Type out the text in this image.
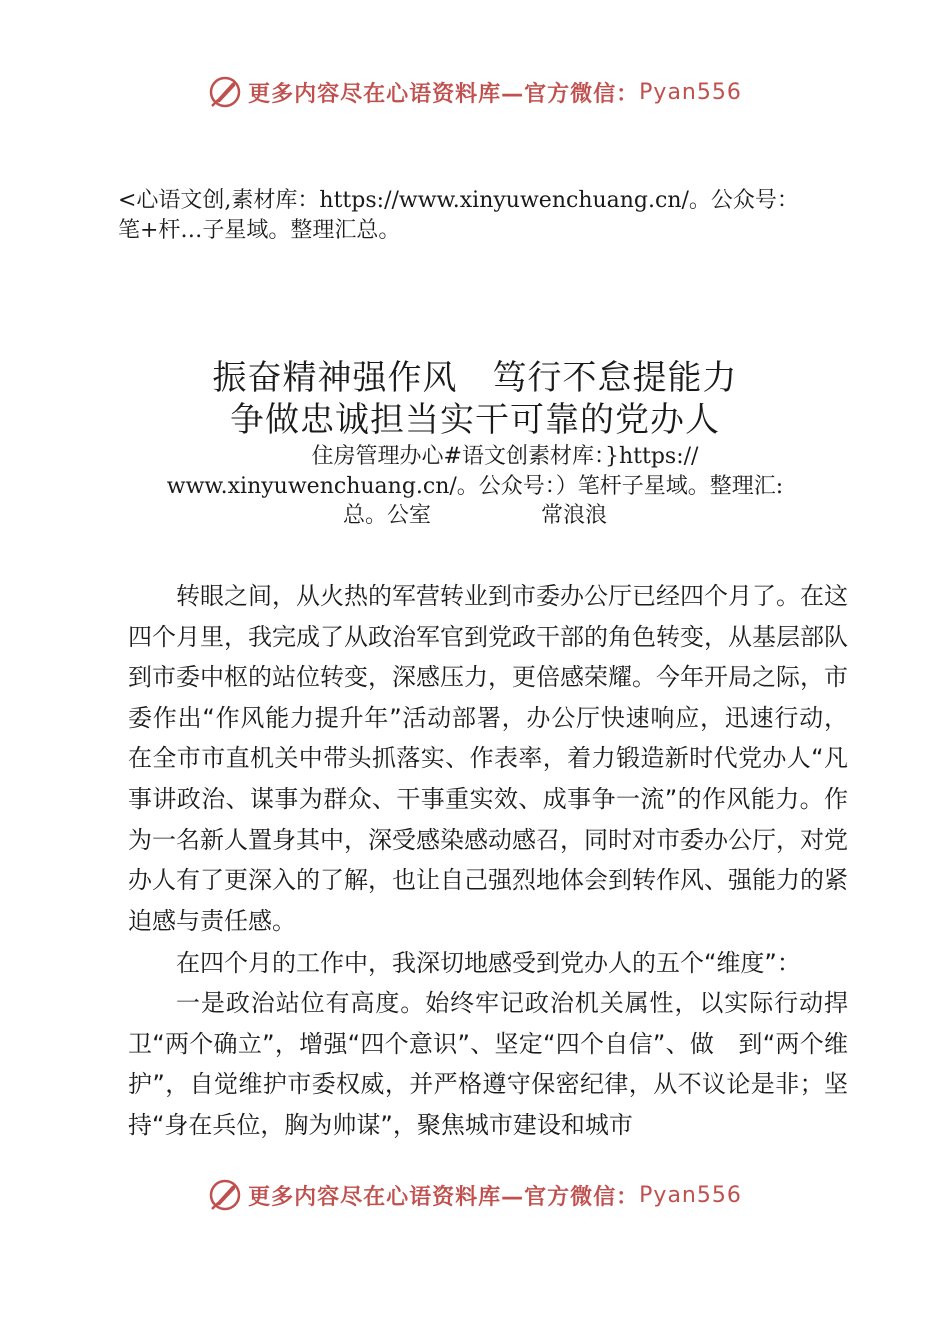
更多内容尽在心语资料库—官方微信： Pyan556
<心语文创,素材库：https://www.xinyuwenchuang.cn/。公众号：
笔+杆…子星域。整理汇总。
振奋精神强作风　笃行不怠提能力
争做忠诚担当实干可靠的党办人
住房管理办心#语文创素材库：}https://
www.xinyuwenchuang.cn/。公众号：）笔杆子星域。整理汇:
总。公室	常浪浪

转眼之间，从火热的军营转业到市委办公厅已经四个月了。在这四个月里，我完成了从政治军官到党政干部的角色转变，从基层部队到市委中枢的站位转变，深感压力，更倍感荣耀。今年开局之际，市委作出“作风能力提升年”活动部署，办公厅快速响应，迅速行动，在全市市直机关中带头抓落实、作表率，着力锻造新时代党办人“凡事讲政治、谋事为群众、干事重实效、成事争一流”的作风能力。作为一名新人置身其中，深受感染感动感召，同时对市委办公厅，对党办人有了更深入的了解，也让自己强烈地体会到转作风、强能力的紧迫感与责任感。

在四个月的工作中，我深切地感受到党办人的五个“维度”：

一是政治站位有高度。始终牢记政治机关属性，以实际行动捍卫“两个确立”，增强“四个意识”、坚定“四个自信”、做　到“两个维护”，自觉维护市委权威，并严格遵守保密纪律，从不议论是非；坚持“身在兵位，胸为帅谋”，聚焦城市建设和城市

更多内容尽在心语资料库—官方微信： Pyan556
